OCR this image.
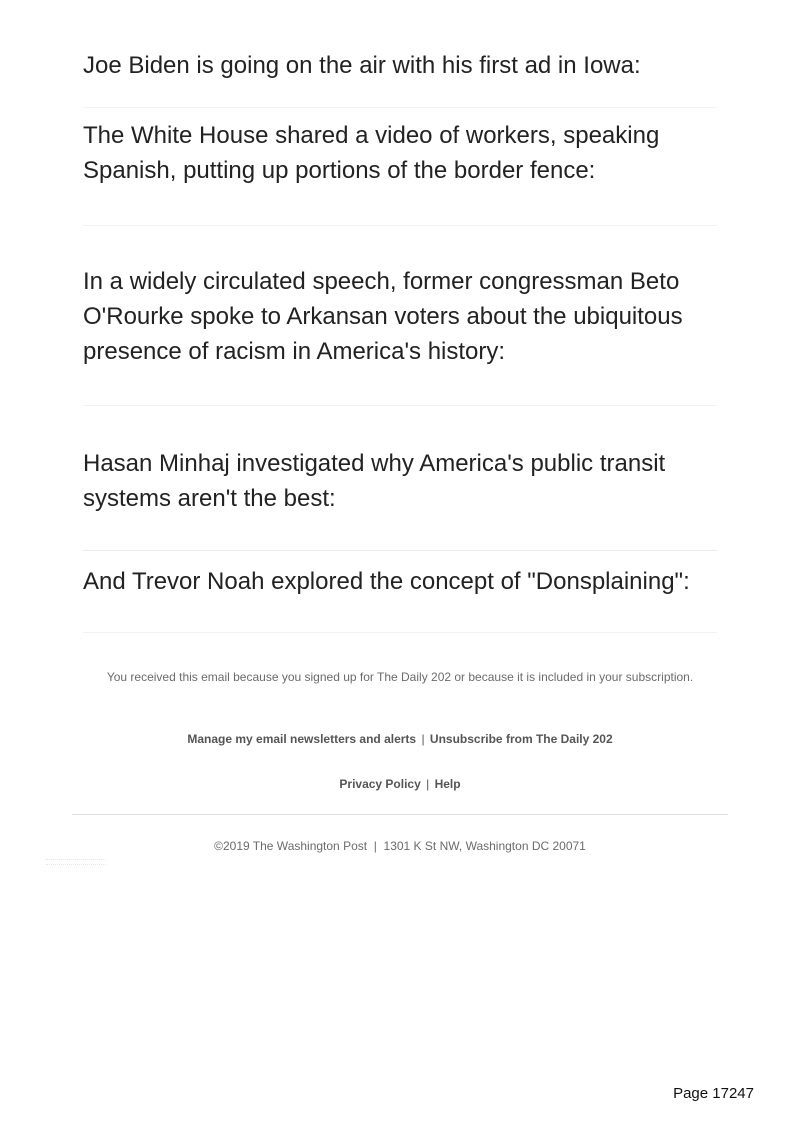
Joe Biden is going on the air with his first ad in Iowa:

The White House shared a video of workers, speaking Spanish, putting up portions of the border fence:

In a widely circulated speech, former congressman Beto O'Rourke spoke to Arkansan voters about the ubiquitous presence of racism in America's history:

Hasan Minhaj investigated why America's public transit systems aren't the best:

And Trevor Noah explored the concept of "Donsplaining":

You received this email because you signed up for The Daily 202 or because it is included in your subscription.
Manage my email newsletters and alerts | Unsubscribe from The Daily 202
Privacy Policy | Help
©2019 The Washington Post  |  1301 K St NW, Washington DC 20071
Page 17247
